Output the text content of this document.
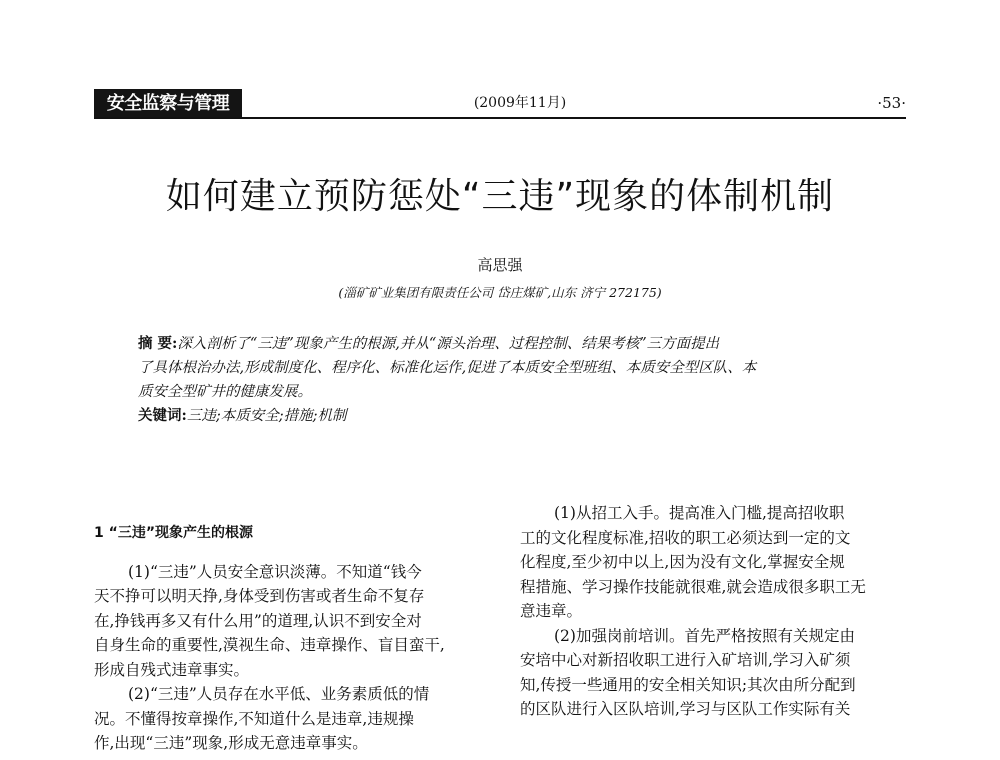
安全监察与管理	(2009年11月)	·53·
如何建立预防惩处“三违”现象的体制机制
高思强
(淄矿矿业集团有限责任公司 岱庄煤矿,山东 济宁 272175)
摘 要:深入剖析了“三违”现象产生的根源,并从“源头治理、过程控制、结果考核”三方面提出
了具体根治办法,形成制度化、程序化、标准化运作,促进了本质安全型班组、本质安全型区队、本
质安全型矿井的健康发展。
关键词:三违;本质安全;措施;机制
1 “三违”现象产生的根源
(1)“三违”人员安全意识淡薄。不知道“钱今
天不挣可以明天挣,身体受到伤害或者生命不复存
在,挣钱再多又有什么用”的道理,认识不到安全对
自身生命的重要性,漠视生命、违章操作、盲目蛮干,
形成自残式违章事实。
(2)“三违”人员存在水平低、业务素质低的情
况。不懂得按章操作,不知道什么是违章,违规操
作,出现“三违”现象,形成无意违章事实。
(1)从招工入手。提高准入门槛,提高招收职
工的文化程度标准,招收的职工必须达到一定的文
化程度,至少初中以上,因为没有文化,掌握安全规
程措施、学习操作技能就很难,就会造成很多职工无
意违章。
(2)加强岗前培训。首先严格按照有关规定由
安培中心对新招收职工进行入矿培训,学习入矿须
知,传授一些通用的安全相关知识;其次由所分配到
的区队进行入区队培训,学习与区队工作实际有关
